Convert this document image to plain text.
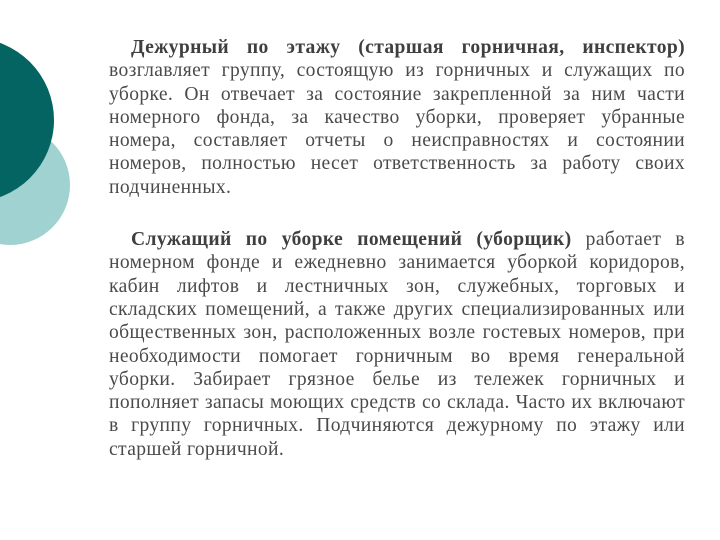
Дежурный по этажу (старшая горничная, инспектор) возглавляет группу, состоящую из горничных и служащих по уборке. Он отвечает за состояние закрепленной за ним части номерного фонда, за качество уборки, проверяет убранные номера, составляет отчеты о неисправностях и состоянии номеров, полностью несет ответственность за работу своих подчиненных.

Служащий по уборке помещений (уборщик) работает в номерном фонде и ежедневно занимается уборкой коридоров, кабин лифтов и лестничных зон, служебных, торговых и складских помещений, а также других специализированных или общественных зон, расположенных возле гостевых номеров, при необходимости помогает горничным во время генеральной уборки. Забирает грязное белье из тележек горничных и пополняет запасы моющих средств со склада. Часто их включают в группу горничных. Подчиняются дежурному по этажу или старшей горничной.
